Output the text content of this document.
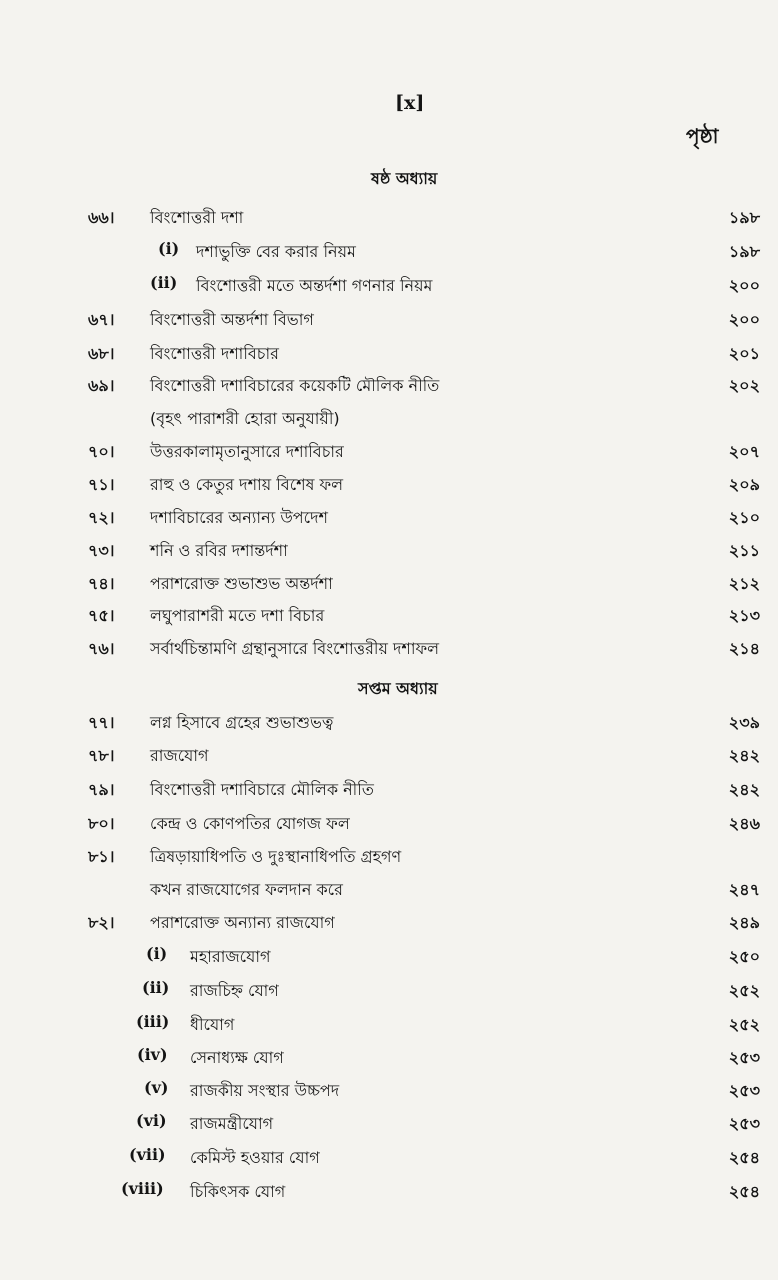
[x]
পৃষ্ঠা
ষষ্ঠ অধ্যায়
৬৬। বিংশোত্তরী দশা	১৯৮
(i) দশাভুক্তি বের করার নিয়ম	১৯৮
(ii) বিংশোত্তরী মতে অন্তর্দশা গণনার নিয়ম	২০০
৬৭। বিংশোত্তরী অন্তর্দশা বিভাগ	২০০
৬৮। বিংশোত্তরী দশাবিচার	২০১
৬৯। বিংশোত্তরী দশাবিচারের কয়েকটি মৌলিক নীতি	২০২
(বৃহৎ পারাশরী হোরা অনুযায়ী)
৭০। উত্তরকালামৃতানুসারে দশাবিচার	২০৭
৭১। রাহু ও কেতুর দশায় বিশেষ ফল	২০৯
৭২। দশাবিচারের অন্যান্য উপদেশ	২১০
৭৩। শনি ও রবির দশান্তর্দশা	২১১
৭৪। পরাশরোক্ত শুভাশুভ অন্তর্দশা	২১২
৭৫। লঘুপারাশরী মতে দশা বিচার	২১৩
৭৬। সর্বার্থচিন্তামণি গ্রন্থানুসারে বিংশোত্তরীয় দশাফল	২১৪
সপ্তম অধ্যায়
৭৭। লগ্ন হিসাবে গ্রহের শুভাশুভত্ব	২৩৯
৭৮। রাজযোগ	২৪২
৭৯। বিংশোত্তরী দশাবিচারে মৌলিক নীতি	২৪২
৮০। কেন্দ্র ও কোণপতির যোগজ ফল	২৪৬
৮১। ত্রিষড়ায়াধিপতি ও দুঃস্থানাধিপতি গ্রহগণ
কখন রাজযোগের ফলদান করে	২৪৭
৮২। পরাশরোক্ত অন্যান্য রাজযোগ	২৪৯
(i) মহারাজযোগ	২৫০
(ii) রাজচিহ্ন যোগ	২৫২
(iii) ধীযোগ	২৫২
(iv) সেনাধ্যক্ষ যোগ	২৫৩
(v) রাজকীয় সংস্থার উচ্চপদ	২৫৩
(vi) রাজমন্ত্রীযোগ	২৫৩
(vii) কেমিস্ট হওয়ার যোগ	২৫৪
(viii) চিকিৎসক যোগ	২৫৪
